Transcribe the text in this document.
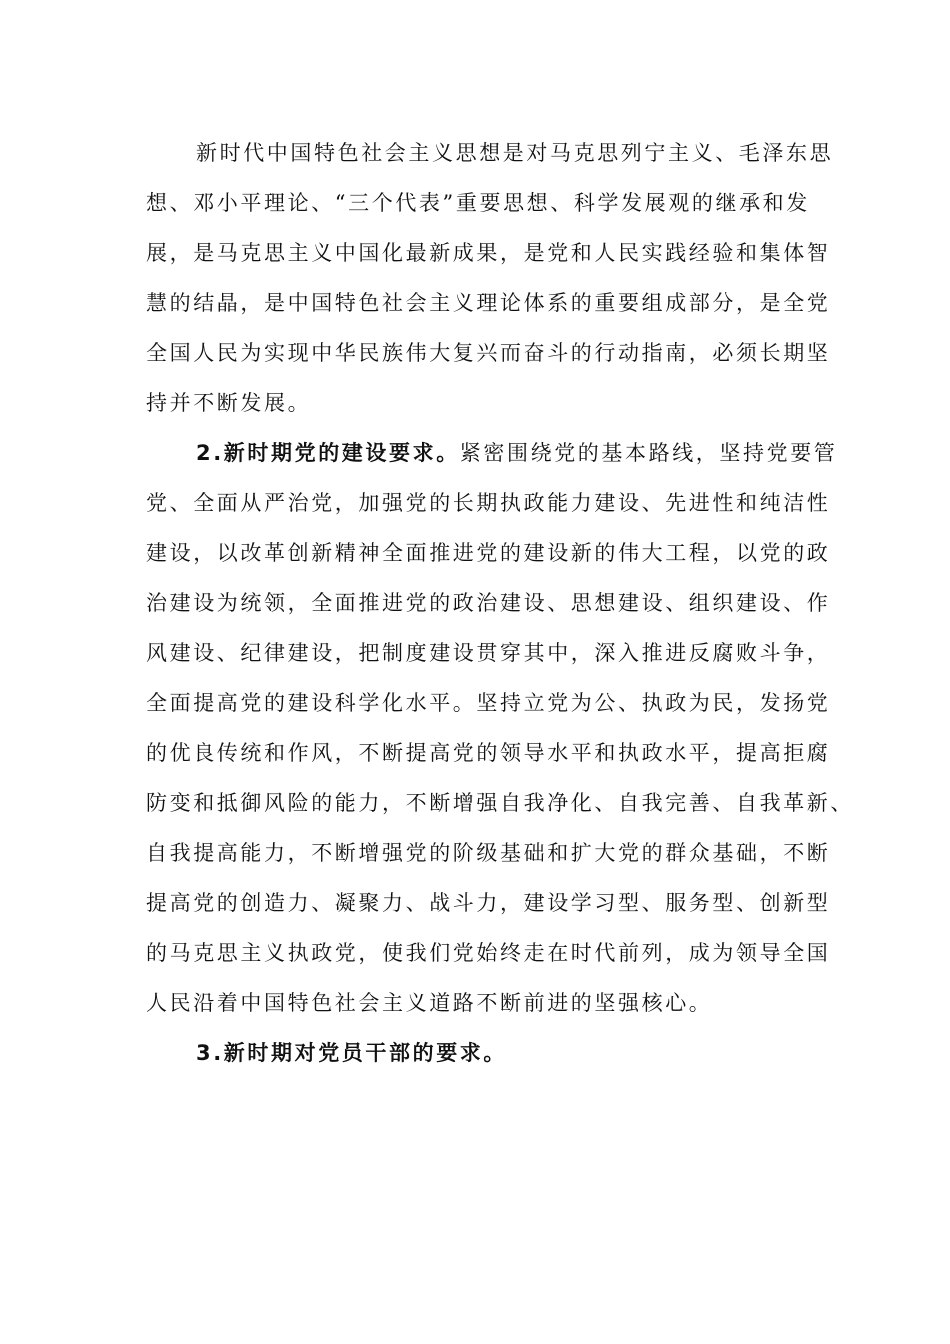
新时代中国特色社会主义思想是对马克思列宁主义、毛泽东思
想、邓小平理论、“三个代表”重要思想、科学发展观的继承和发
展，是马克思主义中国化最新成果，是党和人民实践经验和集体智
慧的结晶，是中国特色社会主义理论体系的重要组成部分，是全党
全国人民为实现中华民族伟大复兴而奋斗的行动指南，必须长期坚
持并不断发展。
2.新时期党的建设要求。紧密围绕党的基本路线，坚持党要管
党、全面从严治党，加强党的长期执政能力建设、先进性和纯洁性
建设，以改革创新精神全面推进党的建设新的伟大工程，以党的政
治建设为统领，全面推进党的政治建设、思想建设、组织建设、作
风建设、纪律建设，把制度建设贯穿其中，深入推进反腐败斗争，
全面提高党的建设科学化水平。坚持立党为公、执政为民，发扬党
的优良传统和作风，不断提高党的领导水平和执政水平，提高拒腐
防变和抵御风险的能力，不断增强自我净化、自我完善、自我革新、
自我提高能力，不断增强党的阶级基础和扩大党的群众基础，不断
提高党的创造力、凝聚力、战斗力，建设学习型、服务型、创新型
的马克思主义执政党，使我们党始终走在时代前列，成为领导全国
人民沿着中国特色社会主义道路不断前进的坚强核心。
3.新时期对党员干部的要求。
